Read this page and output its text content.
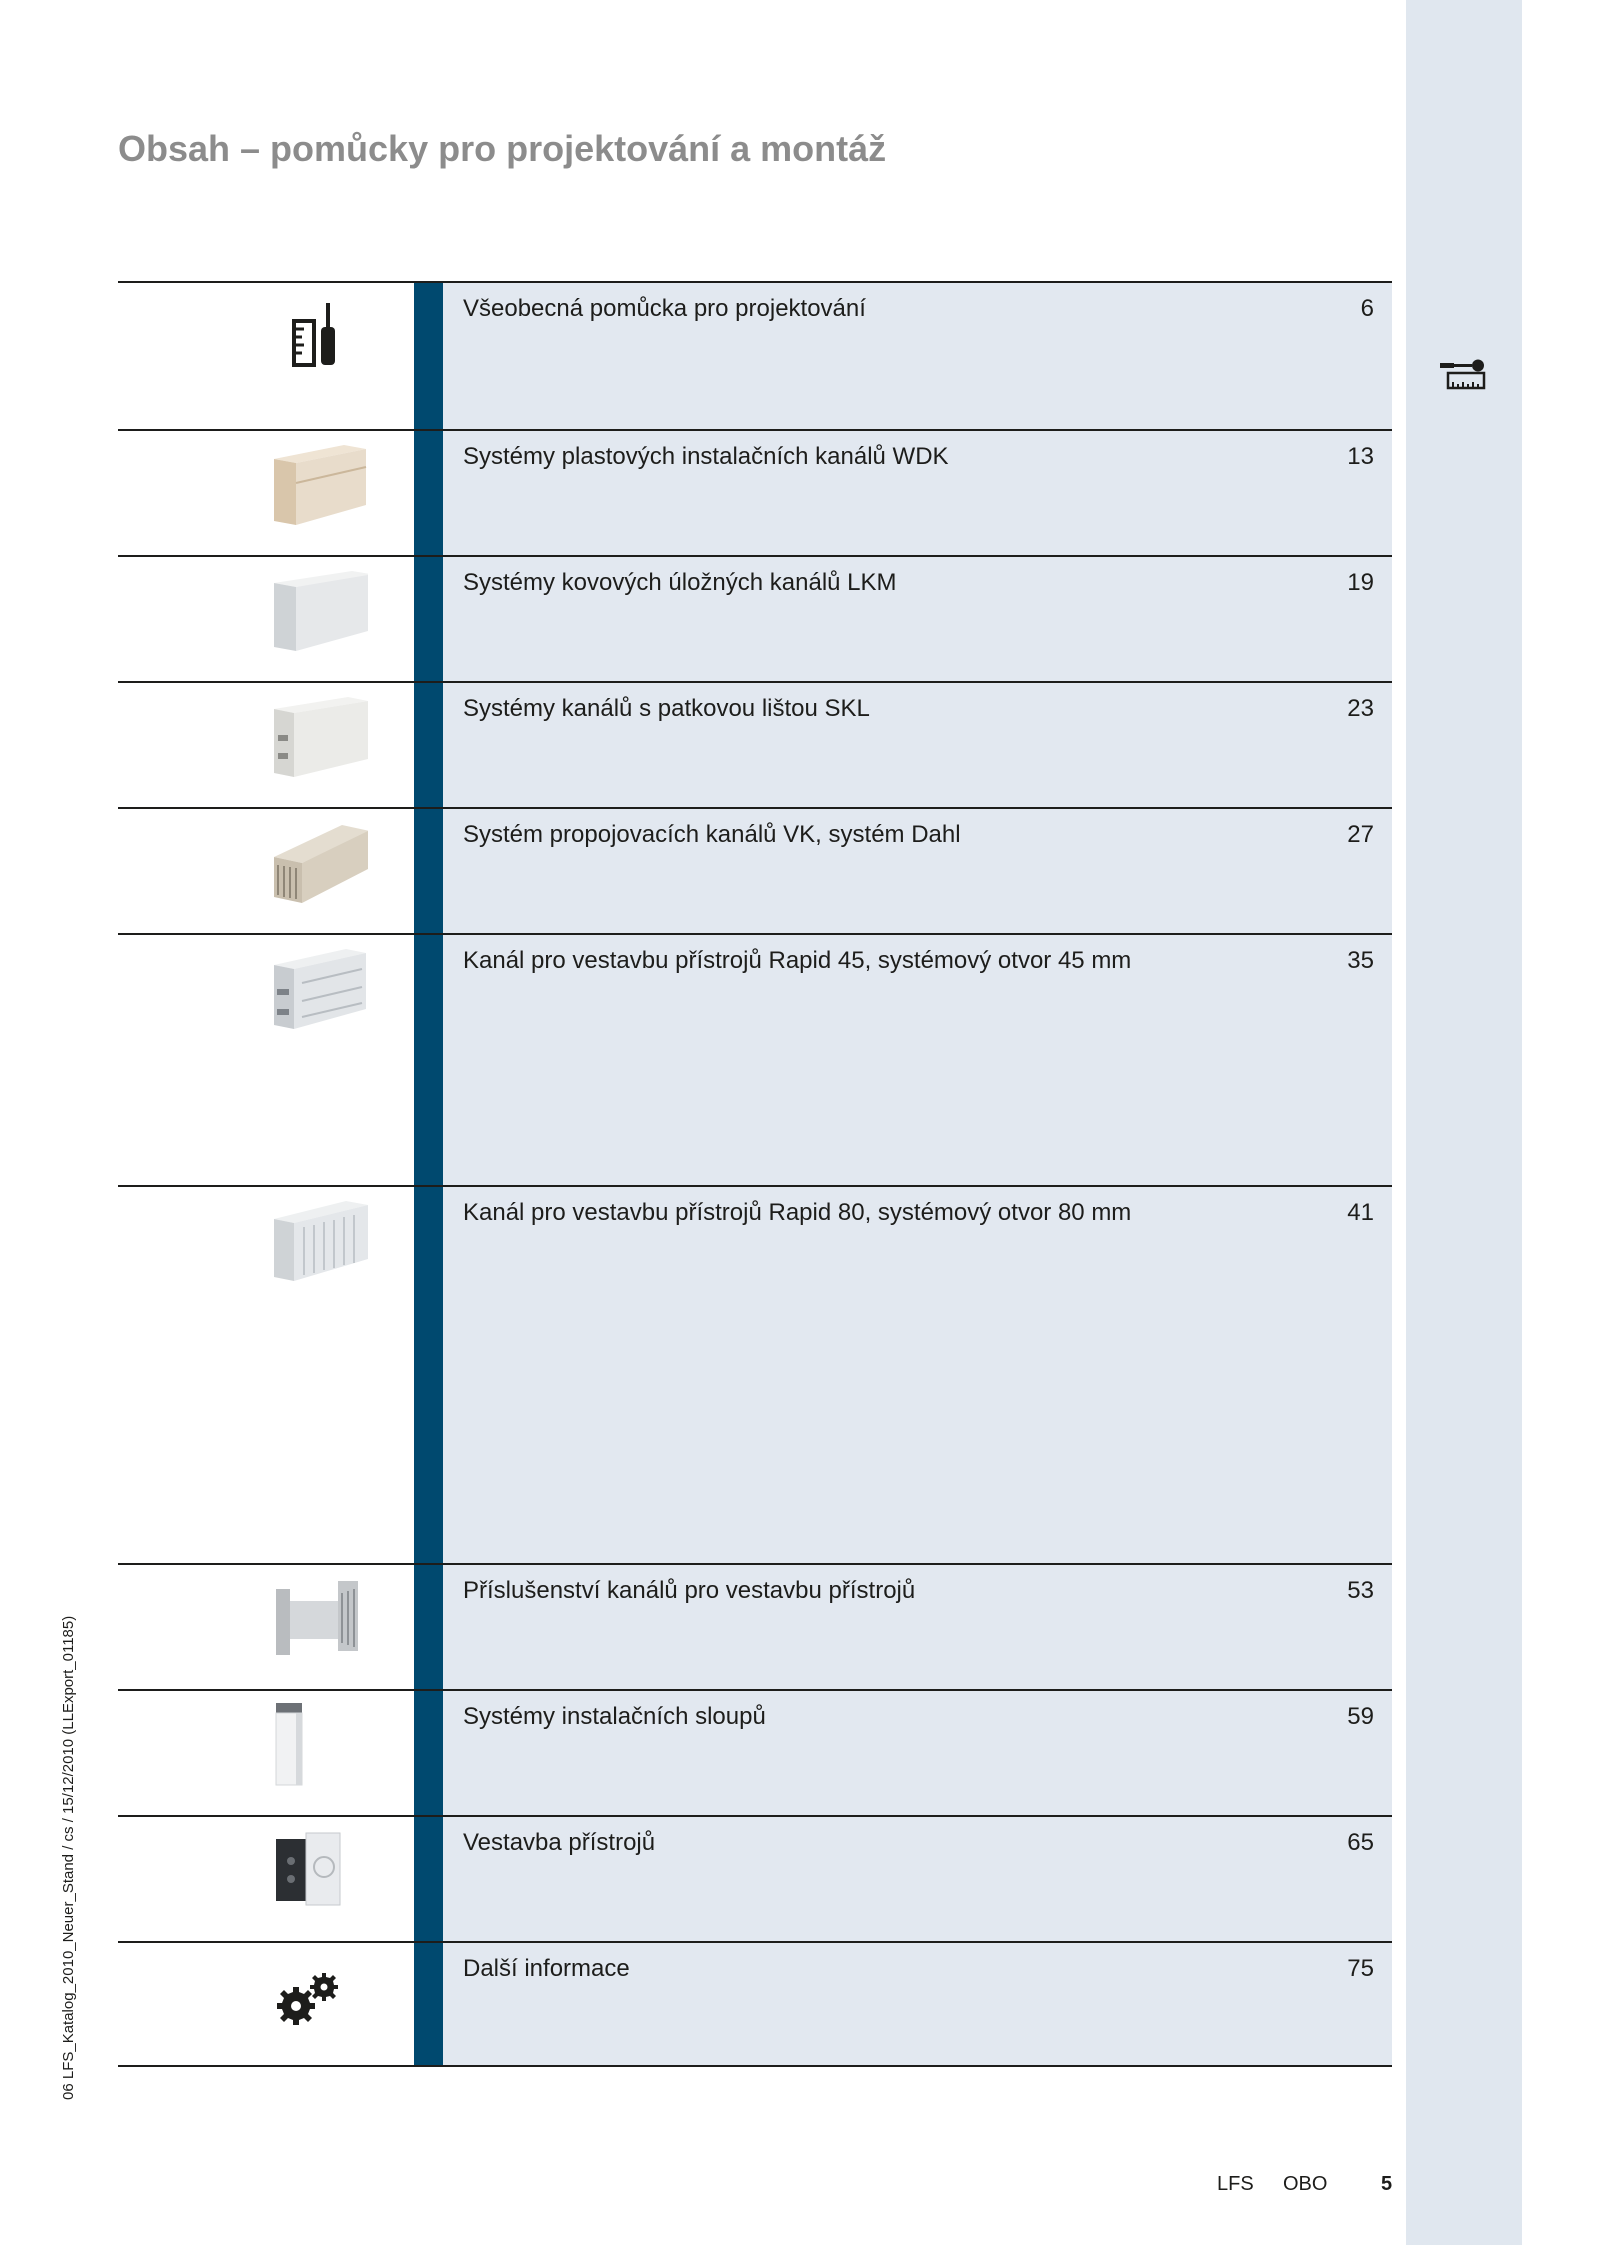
Obsah – pomůcky pro projektování a montáž
Všeobecná pomůcka pro projektování	6
Systémy plastových instalačních kanálů WDK	13
Systémy kovových úložných kanálů LKM	19
Systémy kanálů s patkovou lištou SKL	23
Systém propojovacích kanálů VK, systém Dahl	27
Kanál pro vestavbu přístrojů Rapid 45, systémový otvor 45 mm	35
Kanál pro vestavbu přístrojů Rapid 80, systémový otvor 80 mm	41
Příslušenství kanálů pro vestavbu přístrojů	53
Systémy instalačních sloupů	59
Vestavba přístrojů	65
Další informace	75
06 LFS_Katalog_2010_Neuer_Stand / cs / 15/12/2010 (LLExport_01185)
LFS OBO	5
